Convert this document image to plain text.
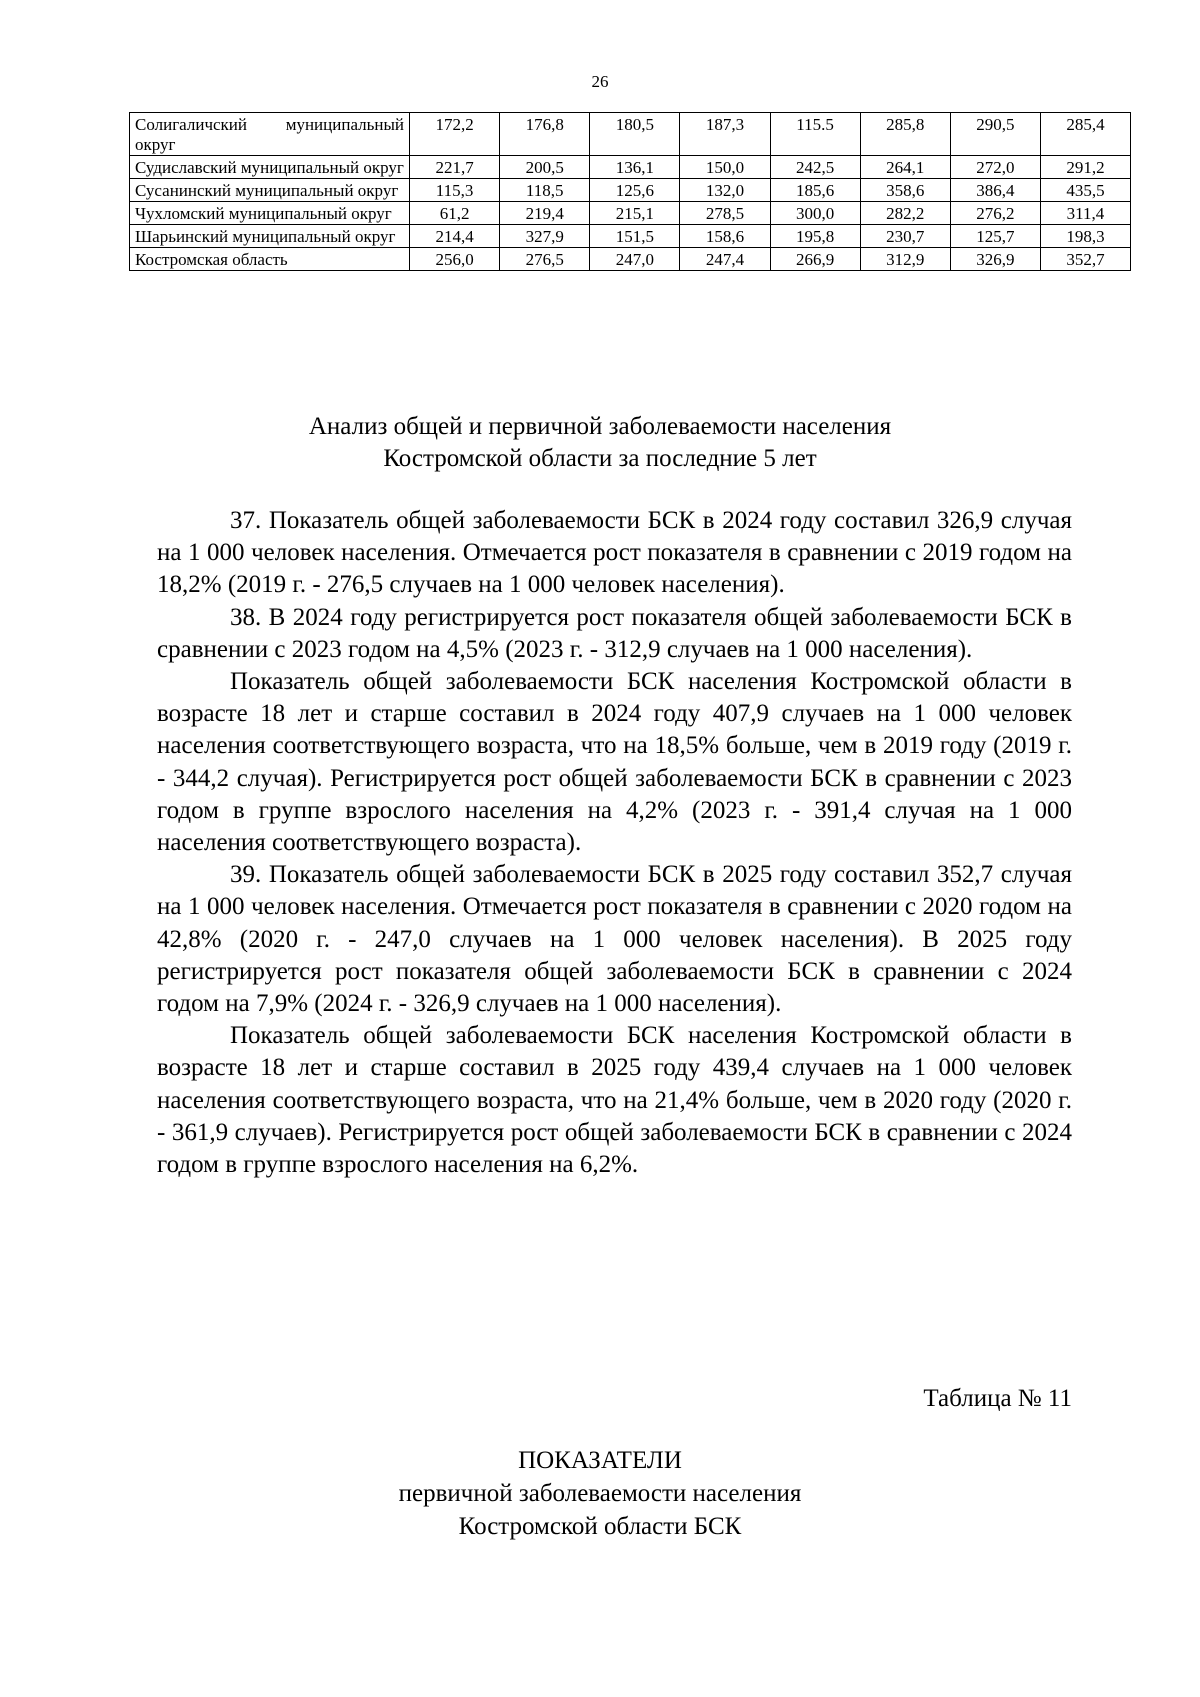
26
Солигаличский муниципальный округ	172,2	176,8	180,5	187,3	115.5	285,8	290,5	285,4
Судиславский муниципальный округ	221,7	200,5	136,1	150,0	242,5	264,1	272,0	291,2
Сусанинский муниципальный округ	115,3	118,5	125,6	132,0	185,6	358,6	386,4	435,5
Чухломский муниципальный округ	61,2	219,4	215,1	278,5	300,0	282,2	276,2	311,4
Шарьинский муниципальный округ	214,4	327,9	151,5	158,6	195,8	230,7	125,7	198,3
Костромская область	256,0	276,5	247,0	247,4	266,9	312,9	326,9	352,7
Анализ общей и первичной заболеваемости населения
Костромской области за последние 5 лет

37. Показатель общей заболеваемости БСК в 2024 году составил 326,9 случая на 1 000 человек населения. Отмечается рост показателя в сравнении с 2019 годом на 18,2% (2019 г. - 276,5 случаев на 1 000 человек населения).

38. В 2024 году регистрируется рост показателя общей заболеваемости БСК в сравнении с 2023 годом на 4,5% (2023 г. - 312,9 случаев на 1 000 населения).

Показатель общей заболеваемости БСК населения Костромской области в возрасте 18 лет и старше составил в 2024 году 407,9 случаев на 1 000 человек населения соответствующего возраста, что на 18,5% больше, чем в 2019 году (2019 г. - 344,2 случая). Регистрируется рост общей заболеваемости БСК в сравнении с 2023 годом в группе взрослого населения на 4,2% (2023 г. - 391,4 случая на 1 000 населения соответствующего возраста).

39. Показатель общей заболеваемости БСК в 2025 году составил 352,7 случая на 1 000 человек населения. Отмечается рост показателя в сравнении с 2020 годом на 42,8% (2020 г. - 247,0 случаев на 1 000 человек населения). В 2025 году регистрируется рост показателя общей заболеваемости БСК в сравнении с 2024 годом на 7,9% (2024 г. - 326,9 случаев на 1 000 населения).

Показатель общей заболеваемости БСК населения Костромской области в возрасте 18 лет и старше составил в 2025 году 439,4 случаев на 1 000 человек населения соответствующего возраста, что на 21,4% больше, чем в 2020 году (2020 г. - 361,9 случаев). Регистрируется рост общей заболеваемости БСК в сравнении с 2024 годом в группе взрослого населения на 6,2%.

Таблица № 11
ПОКАЗАТЕЛИ
первичной заболеваемости населения
Костромской области БСК
